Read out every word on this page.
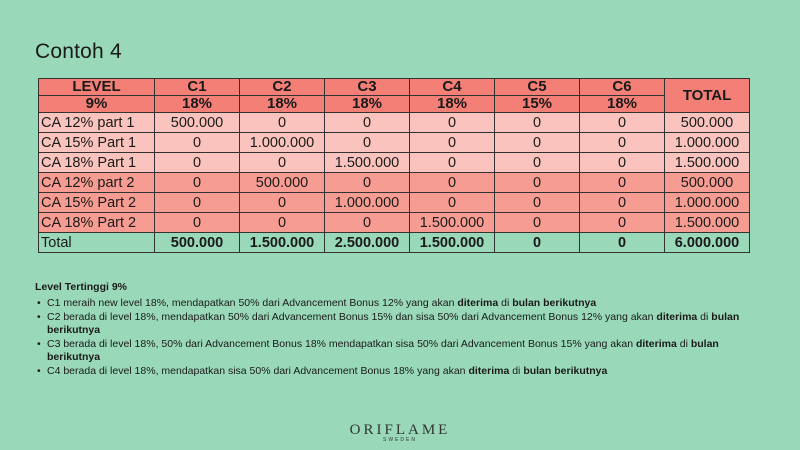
Contoh 4
LEVEL	C1	C2	C3	C4	C5	C6	TOTAL
9%	18%	18%	18%	18%	15%	18%	
CA 12% part 1	500.000	0	0	0	0	0	500.000
CA 15% Part 1	0	1.000.000	0	0	0	0	1.000.000
CA 18% Part 1	0	0	1.500.000	0	0	0	1.500.000
CA 12% part 2	0	500.000	0	0	0	0	500.000
CA 15% Part 2	0	0	1.000.000	0	0	0	1.000.000
CA 18% Part 2	0	0	0	1.500.000	0	0	1.500.000
Total	500.000	1.500.000	2.500.000	1.500.000	0	0	6.000.000
Level Tertinggi 9%
• C1 meraih new level 18%, mendapatkan 50% dari Advancement Bonus 12% yang akan diterima di bulan berikutnya
• C2 berada di level 18%, mendapatkan 50% dari Advancement Bonus 15% dan sisa 50% dari Advancement Bonus 12% yang akan diterima di bulan berikutnya
• C3 berada di level 18%, 50% dari Advancement Bonus 18% mendapatkan sisa 50% dari Advancement Bonus 15% yang akan diterima di bulan berikutnya
• C4 berada di level 18%, mendapatkan sisa 50% dari Advancement Bonus 18% yang akan diterima di bulan berikutnya
ORIFLAME
SWEDEN
